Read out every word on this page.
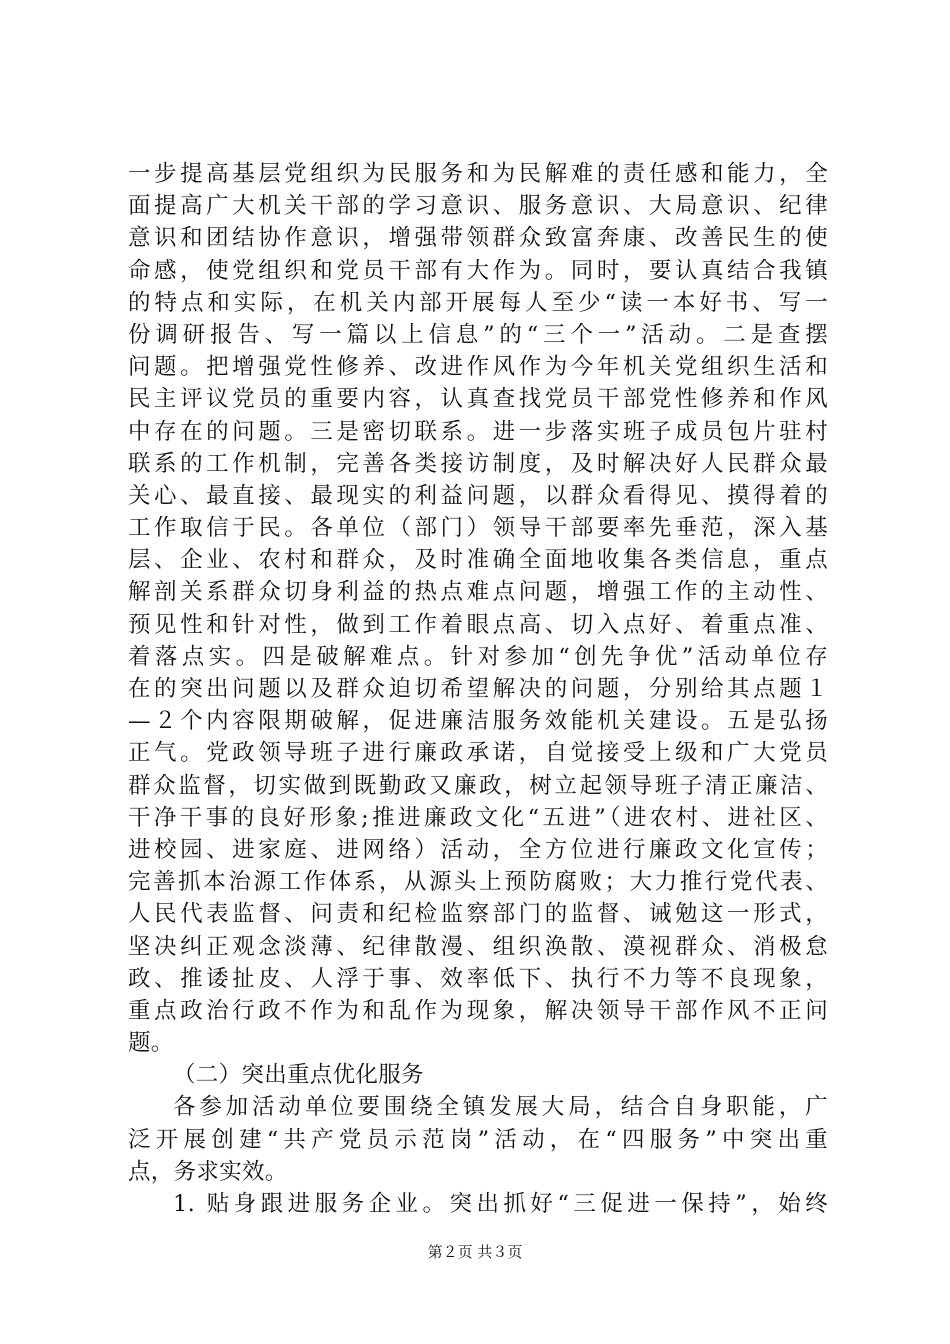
一步提高基层党组织为民服务和为民解难的责任感和能力，全
面提高广大机关干部的学习意识、服务意识、大局意识、纪律
意识和团结协作意识，增强带领群众致富奔康、改善民生的使
命感，使党组织和党员干部有大作为。同时，要认真结合我镇
的特点和实际，在机关内部开展每人至少“读一本好书、写一
份调研报告、写一篇以上信息”的“三个一”活动。二是查摆
问题。把增强党性修养、改进作风作为今年机关党组织生活和
民主评议党员的重要内容，认真查找党员干部党性修养和作风
中存在的问题。三是密切联系。进一步落实班子成员包片驻村
联系的工作机制，完善各类接访制度，及时解决好人民群众最
关心、最直接、最现实的利益问题，以群众看得见、摸得着的
工作取信于民。各单位（部门）领导干部要率先垂范，深入基
层、企业、农村和群众，及时准确全面地收集各类信息，重点
解剖关系群众切身利益的热点难点问题，增强工作的主动性、
预见性和针对性，做到工作着眼点高、切入点好、着重点准、
着落点实。四是破解难点。针对参加“创先争优”活动单位存
在的突出问题以及群众迫切希望解决的问题，分别给其点题１
—２个内容限期破解，促进廉洁服务效能机关建设。五是弘扬
正气。党政领导班子进行廉政承诺，自觉接受上级和广大党员
群众监督，切实做到既勤政又廉政，树立起领导班子清正廉洁、
干净干事的良好形象;推进廉政文化“五进”（进农村、进社区、
进校园、进家庭、进网络）活动，全方位进行廉政文化宣传；
完善抓本治源工作体系，从源头上预防腐败；大力推行党代表、
人民代表监督、问责和纪检监察部门的监督、诫勉这一形式，
坚决纠正观念淡薄、纪律散漫、组织涣散、漠视群众、消极怠
政、推诿扯皮、人浮于事、效率低下、执行不力等不良现象，
重点政治行政不作为和乱作为现象，解决领导干部作风不正问
题。
（二）突出重点优化服务
各参加活动单位要围绕全镇发展大局，结合自身职能，广
泛开展创建“共产党员示范岗”活动，在“四服务”中突出重
点，务求实效。
1. 贴身跟进服务企业。突出抓好“三促进一保持”，始终
第２页 共３页
